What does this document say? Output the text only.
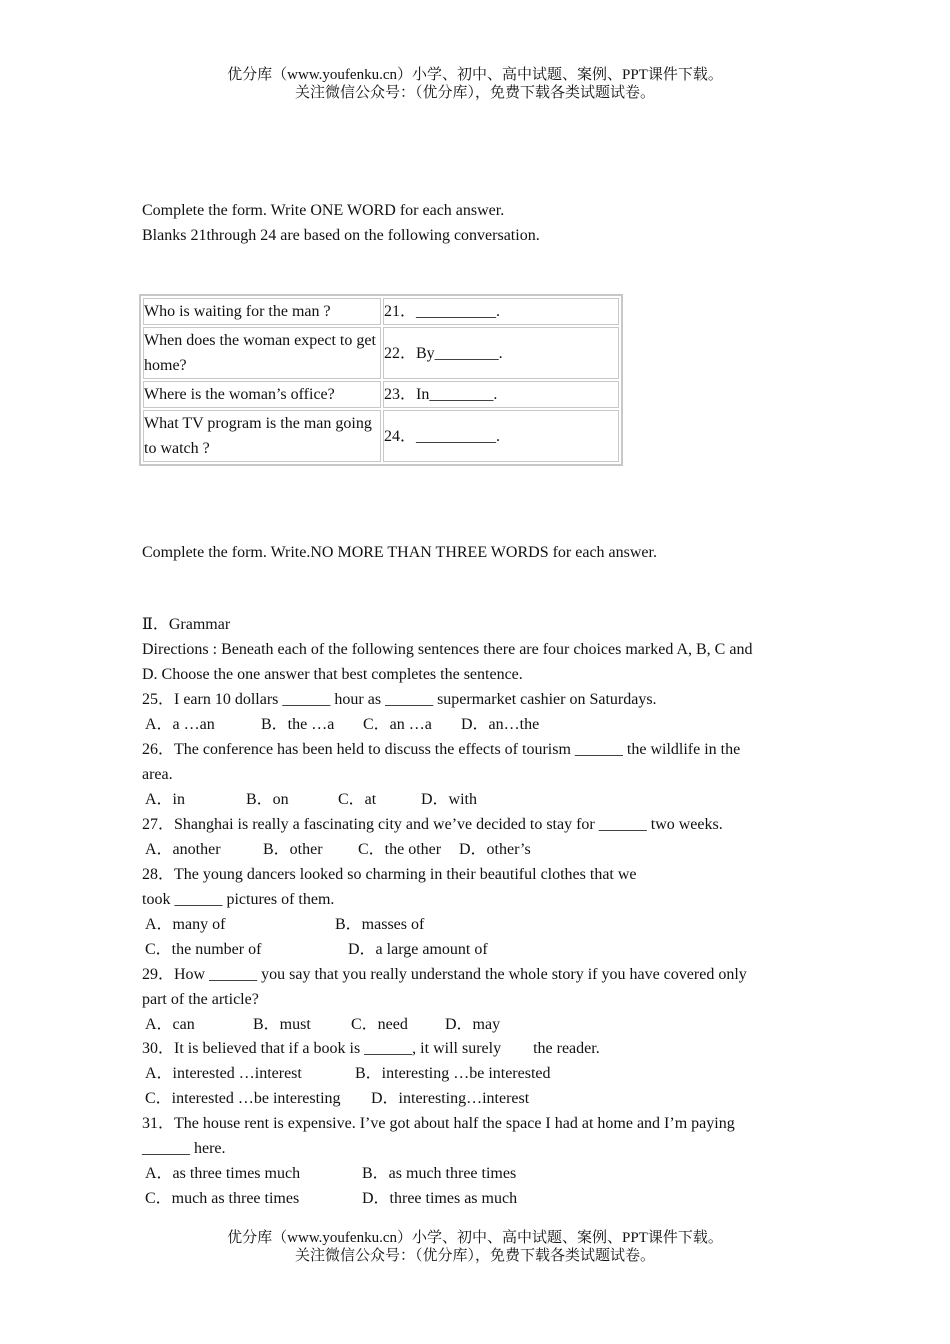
优分库（www.youfenku.cn）小学、初中、高中试题、案例、PPT课件下载。
关注微信公众号：（优分库），免费下载各类试题试卷。
Complete the form. Write ONE WORD for each answer.
Blanks 21through 24 are based on the following conversation.
Who is waiting for the man ?	21．__________.
When does the woman expect to get home?	22．By________.
Where is the woman’s office?	23．In________.
What TV program is the man going to watch ?	24．__________.
Complete the form. Write.NO MORE THAN THREE WORDS for each answer.
Ⅱ．Grammar
Directions : Beneath each of the following sentences there are four choices marked A, B, C and
D. Choose the one answer that best completes the sentence.
25．I earn 10 dollars ______ hour as ______ supermarket cashier on Saturdays.
A．a …an	B．the …a C．an …a D．an…the
26．The conference has been held to discuss the effects of tourism ______ the wildlife in the
area.
A．in	B．on	C．at	D．with
27．Shanghai is really a fascinating city and we’ve decided to stay for ______ two weeks.
A．another	B．other C．the other D．other’s
28．The young dancers looked so charming in their beautiful clothes that we
took ______ pictures of them.
A．many of	B．masses of
C．the number of	D．a large amount of
29．How ______ you say that you really understand the whole story if you have covered only
part of the article?
A．can	B．must	C．need D．may
30．It is believed that if a book is ______, it will surely        the reader.
A．interested …interest	B．interesting …be interested
C．interested …be interesting D．interesting…interest
31．The house rent is expensive. I’ve got about half the space I had at home and I’m paying
______ here.
A．as three times much	B．as much three times
C．much as three times	D．three times as much
优分库（www.youfenku.cn）小学、初中、高中试题、案例、PPT课件下载。
关注微信公众号：（优分库），免费下载各类试题试卷。
